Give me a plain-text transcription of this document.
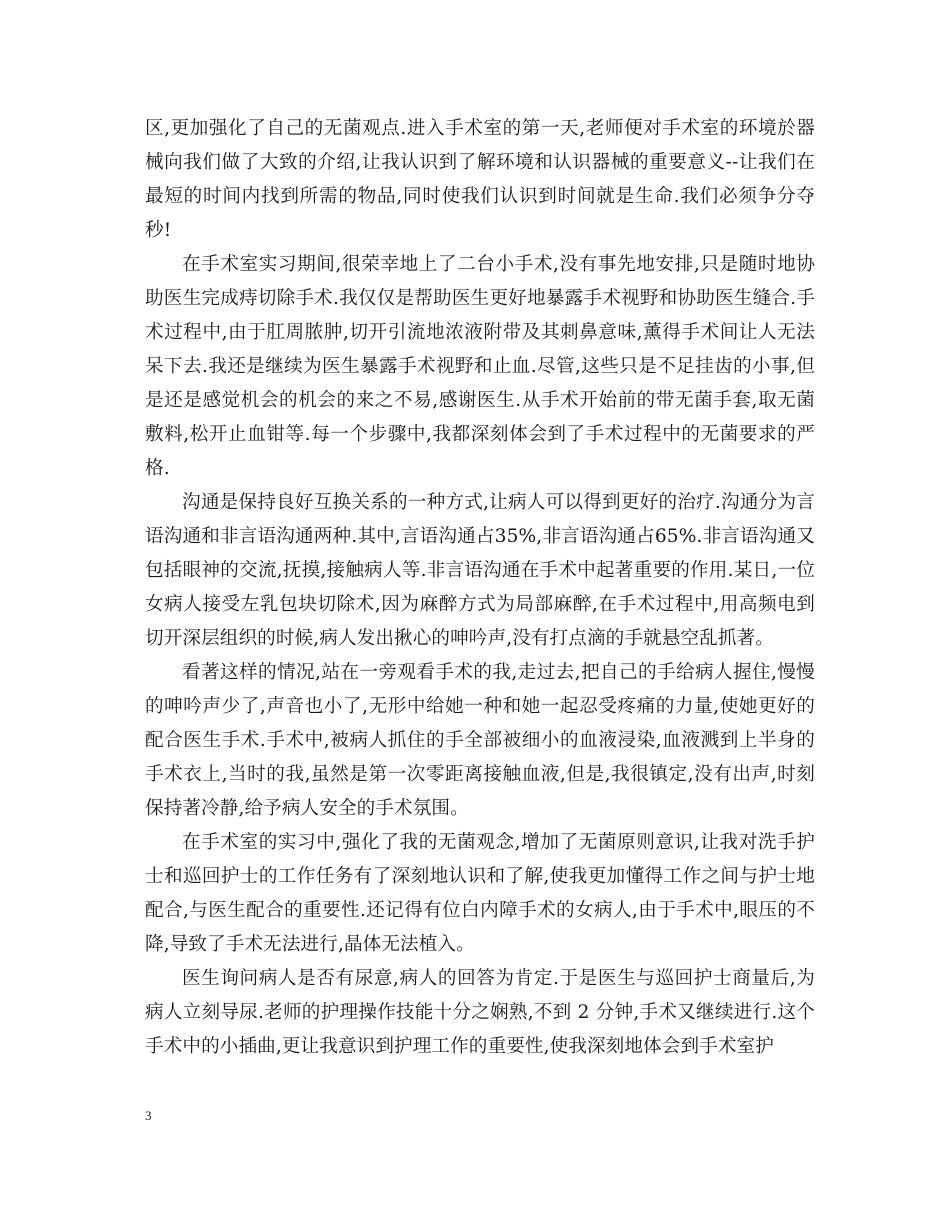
区,更加强化了自己的无菌观点.进入手术室的第一天,老师便对手术室的环境於器械向我们做了大致的介绍,让我认识到了解环境和认识器械的重要意义--让我们在最短的时间内找到所需的物品,同时使我们认识到时间就是生命.我们必须争分夺秒!

在手术室实习期间,很荣幸地上了二台小手术,没有事先地安排,只是随时地协助医生完成痔切除手术.我仅仅是帮助医生更好地暴露手术视野和协助医生缝合.手术过程中,由于肛周脓肿,切开引流地浓液附带及其刺鼻意味,薰得手术间让人无法呆下去.我还是继续为医生暴露手术视野和止血.尽管,这些只是不足挂齿的小事,但是还是感觉机会的机会的来之不易,感谢医生.从手术开始前的带无菌手套,取无菌敷料,松开止血钳等.每一个步骤中,我都深刻体会到了手术过程中的无菌要求的严格.

沟通是保持良好互换关系的一种方式,让病人可以得到更好的治疗.沟通分为言语沟通和非言语沟通两种.其中,言语沟通占35%,非言语沟通占65%.非言语沟通又包括眼神的交流,抚摸,接触病人等.非言语沟通在手术中起著重要的作用.某日,一位女病人接受左乳包块切除术,因为麻醉方式为局部麻醉,在手术过程中,用高频电到切开深层组织的时候,病人发出揪心的呻吟声,没有打点滴的手就悬空乱抓著。

看著这样的情况,站在一旁观看手术的我,走过去,把自己的手给病人握住,慢慢的呻吟声少了,声音也小了,无形中给她一种和她一起忍受疼痛的力量,使她更好的配合医生手术.手术中,被病人抓住的手全部被细小的血液浸染,血液溅到上半身的手术衣上,当时的我,虽然是第一次零距离接触血液,但是,我很镇定,没有出声,时刻保持著冷静,给予病人安全的手术氛围。

在手术室的实习中,强化了我的无菌观念,增加了无菌原则意识,让我对洗手护士和巡回护士的工作任务有了深刻地认识和了解,使我更加懂得工作之间与护士地配合,与医生配合的重要性.还记得有位白内障手术的女病人,由于手术中,眼压的不降,导致了手术无法进行,晶体无法植入。

医生询问病人是否有尿意,病人的回答为肯定.于是医生与巡回护士商量后,为病人立刻导尿.老师的护理操作技能十分之娴熟,不到 2 分钟,手术又继续进行.这个手术中的小插曲,更让我意识到护理工作的重要性,使我深刻地体会到手术室护

3
